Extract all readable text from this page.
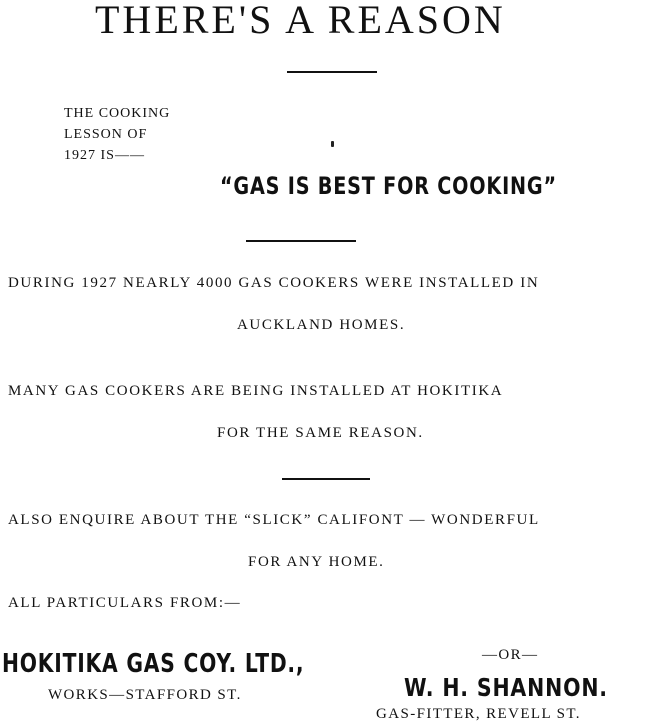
THERE'S A REASON
THE COOKING
LESSON OF
1927 IS——
“GAS IS BEST FOR COOKING”
DURING 1927 NEARLY 4000 GAS COOKERS WERE INSTALLED IN
AUCKLAND HOMES.
MANY GAS COOKERS ARE BEING INSTALLED AT HOKITIKA
FOR THE SAME REASON.
ALSO ENQUIRE ABOUT THE “SLICK” CALIFONT — WONDERFUL
FOR ANY HOME.
ALL PARTICULARS FROM:—
HOKITIKA GAS COY. LTD.,
WORKS—STAFFORD ST.
—OR—
W. H. SHANNON.
GAS-FITTER, REVELL ST.
